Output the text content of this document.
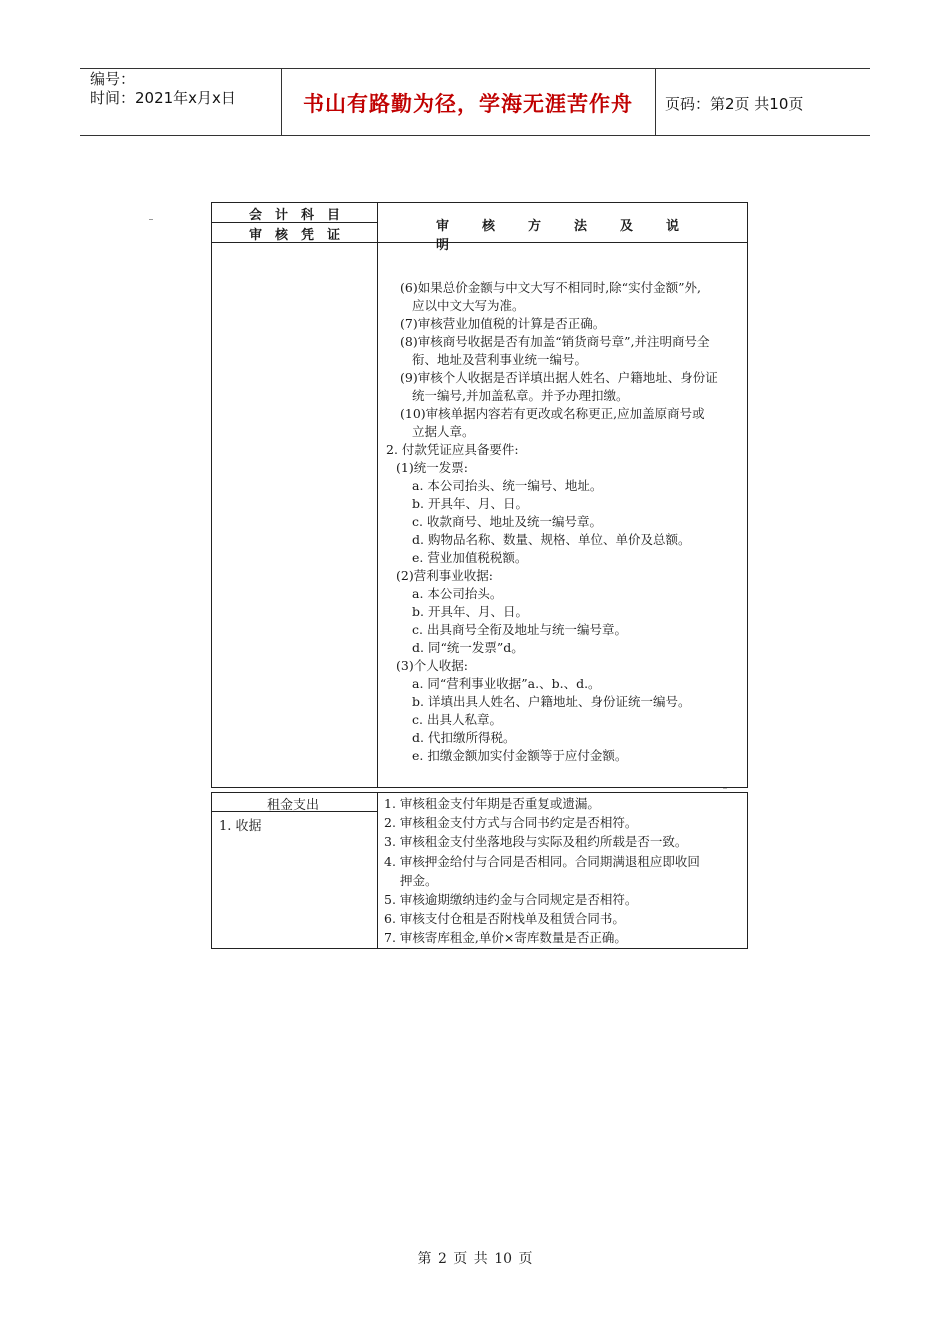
编号：
时间：2021年x月x日	书山有路勤为径，学海无涯苦作舟	页码：第2页 共10页
会计科目
审核凭证
审核方法及说明
(6)如果总价金额与中文大写不相同时,除“实付金额”外,
应以中文大写为准。
(7)审核营业加值税的计算是否正确。
(8)审核商号收据是否有加盖“销货商号章”,并注明商号全
衔、地址及营利事业统一编号。
(9)审核个人收据是否详填出据人姓名、户籍地址、身份证
统一编号,并加盖私章。并予办理扣缴。
(10)审核单据内容若有更改或名称更正,应加盖原商号或
立据人章。
2. 付款凭证应具备要件:
(1)统一发票:
a. 本公司抬头、统一编号、地址。
b. 开具年、月、日。
c. 收款商号、地址及统一编号章。
d. 购物品名称、数量、规格、单位、单价及总额。
e. 营业加值税税额。
(2)营利事业收据:
a. 本公司抬头。
b. 开具年、月、日。
c. 出具商号全衔及地址与统一编号章。
d. 同“统一发票”d。
(3)个人收据:
a. 同“营利事业收据”a.、b.、d.。
b. 详填出具人姓名、户籍地址、身份证统一编号。
c. 出具人私章。
d. 代扣缴所得税。
e. 扣缴金额加实付金额等于应付金额。
租金支出
1. 收据
1. 审核租金支付年期是否重复或遗漏。
2. 审核租金支付方式与合同书约定是否相符。
3. 审核租金支付坐落地段与实际及租约所载是否一致。
4. 审核押金给付与合同是否相同。合同期满退租应即收回
押金。
5. 审核逾期缴纳违约金与合同规定是否相符。
6. 审核支付仓租是否附栈单及租赁合同书。
7. 审核寄库租金,单价×寄库数量是否正确。
第 2 页 共 10 页
